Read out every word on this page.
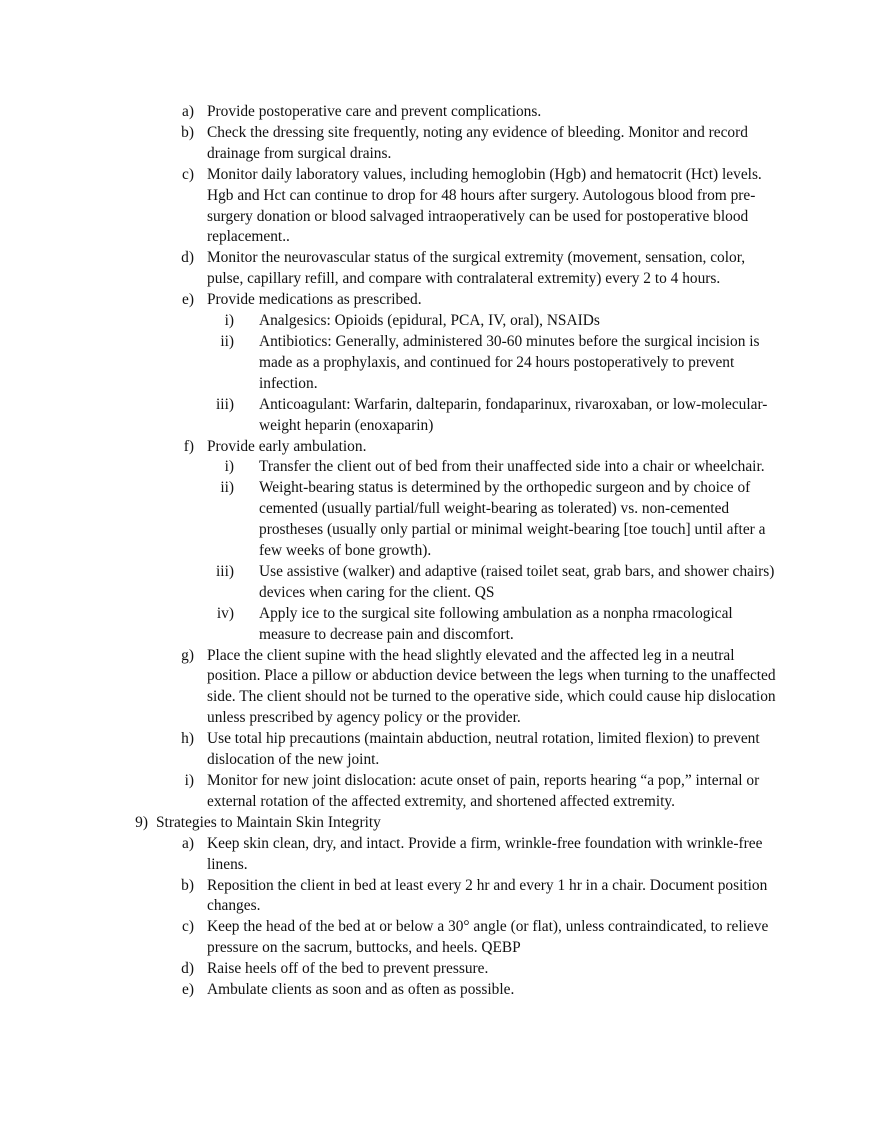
a) Provide postoperative care and prevent complications.
b) Check the dressing site frequently, noting any evidence of bleeding. Monitor and record drainage from surgical drains.
c) Monitor daily laboratory values, including hemoglobin (Hgb) and hematocrit (Hct) levels. Hgb and Hct can continue to drop for 48 hours after surgery. Autologous blood from pre-surgery donation or blood salvaged intraoperatively can be used for postoperative blood replacement..
d) Monitor the neurovascular status of the surgical extremity (movement, sensation, color, pulse, capillary refill, and compare with contralateral extremity) every 2 to 4 hours.
e) Provide medications as prescribed.
i) Analgesics: Opioids (epidural, PCA, IV, oral), NSAIDs
ii) Antibiotics: Generally, administered 30-60 minutes before the surgical incision is made as a prophylaxis, and continued for 24 hours postoperatively to prevent infection.
iii) Anticoagulant: Warfarin, dalteparin, fondaparinux, rivaroxaban, or low-molecular-weight heparin (enoxaparin)
f) Provide early ambulation.
i) Transfer the client out of bed from their unaffected side into a chair or wheelchair.
ii) Weight-bearing status is determined by the orthopedic surgeon and by choice of cemented (usually partial/full weight-bearing as tolerated) vs. non-cemented prostheses (usually only partial or minimal weight-bearing [toe touch] until after a few weeks of bone growth).
iii) Use assistive (walker) and adaptive (raised toilet seat, grab bars, and shower chairs) devices when caring for the client. QS
iv) Apply ice to the surgical site following ambulation as a nonpha rmacological measure to decrease pain and discomfort.
g) Place the client supine with the head slightly elevated and the affected leg in a neutral position. Place a pillow or abduction device between the legs when turning to the unaffected side. The client should not be turned to the operative side, which could cause hip dislocation unless prescribed by agency policy or the provider.
h) Use total hip precautions (maintain abduction, neutral rotation, limited flexion) to prevent dislocation of the new joint.
i) Monitor for new joint dislocation: acute onset of pain, reports hearing “a pop,” internal or external rotation of the affected extremity, and shortened affected extremity.
9) Strategies to Maintain Skin Integrity
a) Keep skin clean, dry, and intact. Provide a firm, wrinkle-free foundation with wrinkle-free linens.
b) Reposition the client in bed at least every 2 hr and every 1 hr in a chair. Document position changes.
c) Keep the head of the bed at or below a 30° angle (or flat), unless contraindicated, to relieve pressure on the sacrum, buttocks, and heels. QEBP
d) Raise heels off of the bed to prevent pressure.
e) Ambulate clients as soon and as often as possible.
